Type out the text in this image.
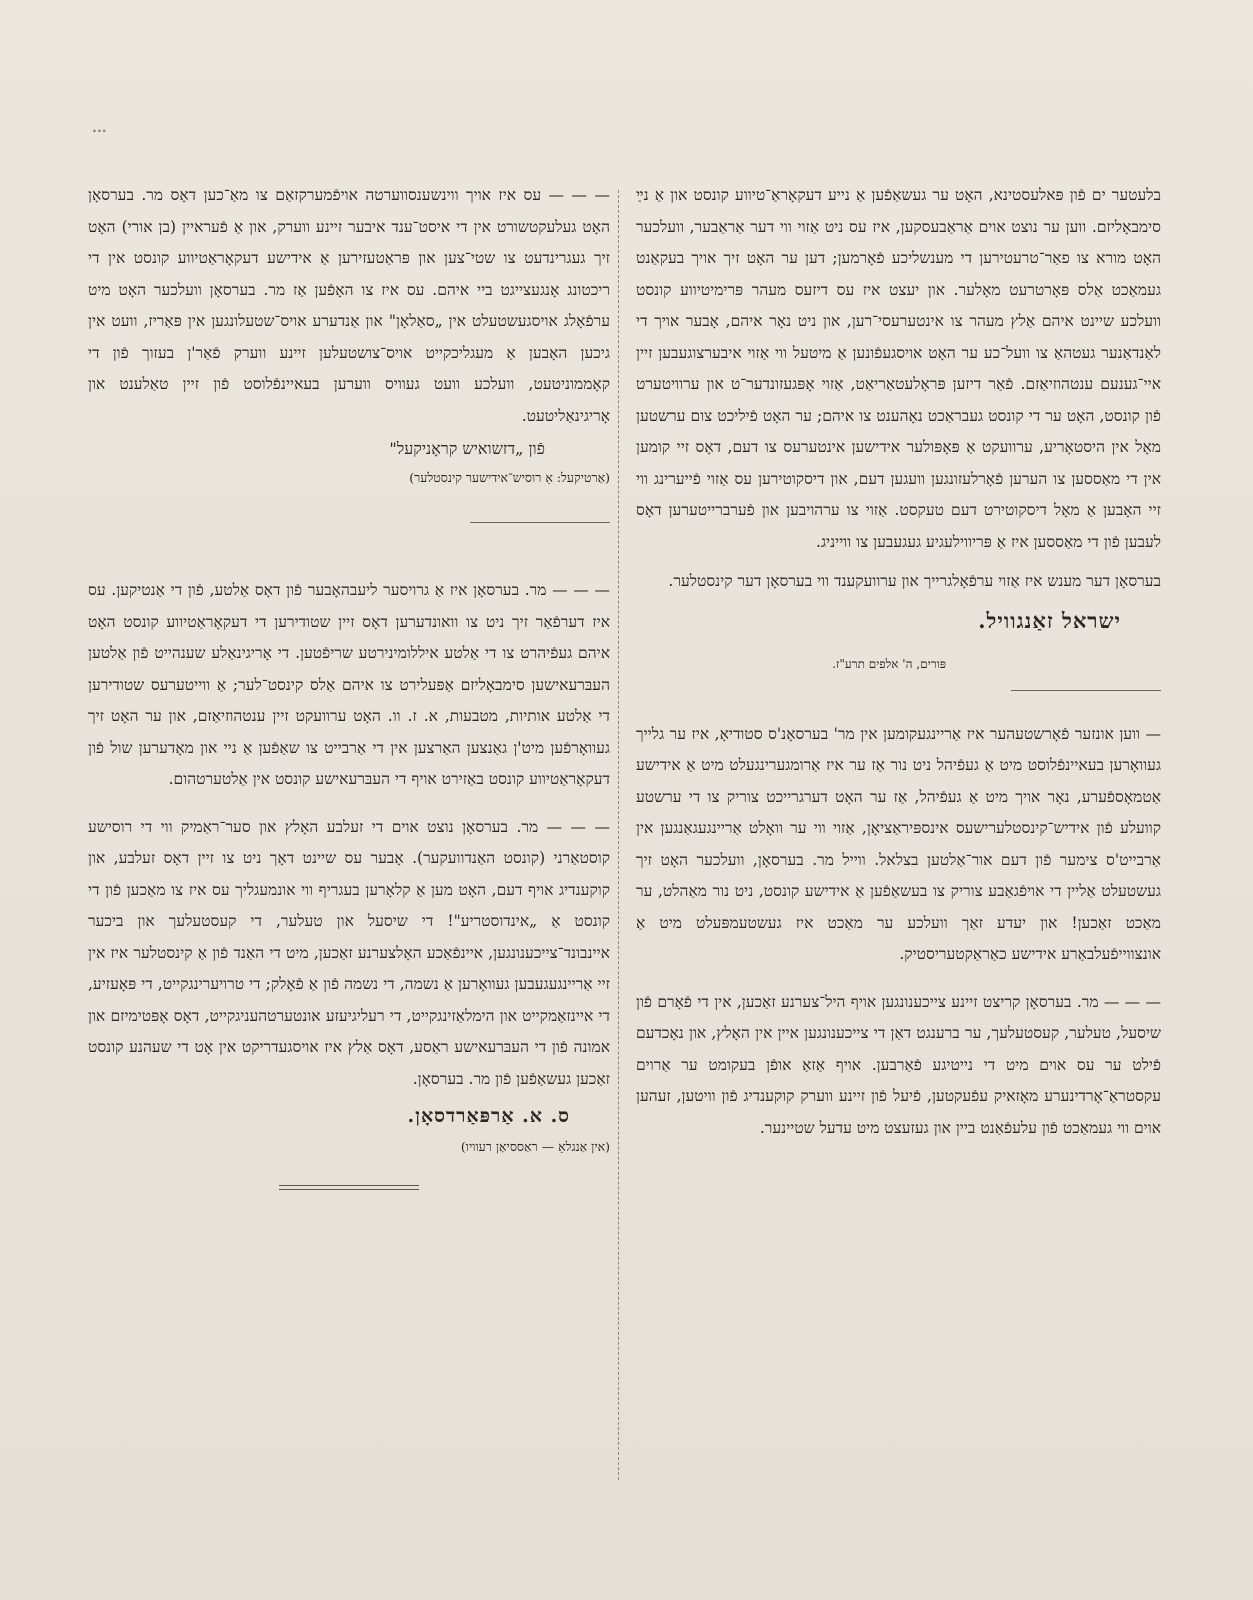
∙∙∙

בלעטער ים פֿון פּאלעסטינא, האָט ער געשאַפֿען אַ נייע דעקאָראַ־טיווע קונסט און אַ נײַ סימבאָליזם. ווען ער נוצט אוים אַראַבעסקען, איז עס ניט אַזוי ווי דער אַראַבער, וועלכער האָט מורא צו פאַר־טרעטירען די מענשליכע פֿאָרמען; דען ער האָט זיך אויך בעקאַנט געמאַכט אַלס פּאָרטרעט מאָלער. און יעצט איז עס דיזעס מעהר פּרימיטיווע קונסט וועלכע שיינט איהם אַלץ מעהר צו אינטערעסי־רען, און ניט נאָר איהם, אָבער אויך די לאַנדאַנער געטהאַ צו וועל־כע ער האָט אויסגעפֿונען אַ מיטעל ווי אַזוי איבערצוגעבען זיין איי־גענעם ענטהוזיאַזם. פֿאַר דיזען פּראָלעטאַריאַט, אַזוי אָפּגעזונדער־ט און ערוויטערט פֿון קונסט, האָט ער די קונסט געבראַכט נאָהענט צו איהם; ער האָט פֿיליכט צום ערשטען מאָל אין היסטאָריע, ערוועקט אַ פּאָפּולער אידישען אינטערעס צו דעם, דאָס זיי קומען אין די מאַססען צו הערען פֿאָרלעזונגען וועגען דעם, און דיסקוטירען עס אַזוי פֿייערינג ווי זיי האָבען אַ מאָל דיסקוטירט דעם טעקסט. אַזוי צו ערהויבען און פֿערברייטערען דאָס לעבען פֿון די מאַססען איז אַ פּריווילעגיע געגעבען צו ווייניג.

בערסאָן דער מענש איז אַזוי ערפֿאָלגרייך און ערוועקענד ווי בערסאָן דער קינסטלער.

ישראל זאַנגוויל.

פּורים, ה' אלפים תרע"ז.

— ווען אונזער פֿאָרשטעהער איז אַריינגעקומען אין מר' בערסאָנ'ס סטודיאָ, איז ער גלייך געוואָרען בעאיינפֿלוסט מיט אַ געפֿיהל ניט נור אַז ער איז אַרומגערינגעלט מיט אַ אידישע אַטמאָספֿערע, נאָר אויך מיט אַ געפֿיהל, אַז ער האָט דערגרייכט צוריק צו די ערשטע קוועלע פֿון אידיש־קינסטלערישעס אינספּיראַציאָן, אַזוי ווי ער וואָלט אַריינגעגאַנגען אין אַרבייט'ס צימער פֿון דעם אור־אַלטען בצלאל. ווייל מר. בערסאָן, וועלכער האָט זיך געשטעלט אַליין די אויפֿגאַבע צוריק צו בעשאַפֿען אַ אידישע קונסט, ניט נור מאַהלט, ער מאַכט זאַכען! און יעדע זאַך וועלכע ער מאַכט איז געשטעמפּעלט מיט אַ אונצווייפֿעלבאַרע אידישע כאַראַקטעריסטיק.

— — — מר. בערסאָן קריצט זיינע צייכענונגען אויף היל־צערנע זאַכען, אין די פֿאָרם פֿון שיסעל, טעלער, קעסטעלעך, ער ברענגט דאַן די צייכענונגען איין אין האָלץ, און נאָכדעם פֿילט ער עס אוים מיט די נייטיגע פֿאַרבען. אויף אַזאַ אופֿן בעקומט ער אַרוים עקסטראַ־אָרדינערע מאָזאיק עפֿעקטען, פֿיעל פֿון זיינע ווערק קוקענדיג פֿון וויטען, זעהען אוים ווי געמאַכט פֿון עלעפֿאַנט ביין און געזעצט מיט עדעל שטיינער.

— — — עס איז אויך ווינשענסווערטה אויפֿמערקזאַם צו מאַ־כען דאָס מר. בערסאָן האָט געלעקטשורט אין די איסט־ענד איבער זיינע ווערק, און אַ פֿעראיין (בן אורי) האָט זיך געגרינדעט צו שטי־צען און פּראַטעזירען אַ אידישע דעקאָראַטיווע קונסט אין די ריכטונג אָנגעצייגט ביי איהם. עס איז צו האָפֿען אַז מר. בערסאָן וועלכער האָט מיט ערפֿאָלג אויסגעשטעלט אין „סאַלאָן" און אַנדערע אויס־שטעלונגען אין פּאַריז, וועט אין גיכען האָבען אַ מעגליכקייט אויס־צושטעלען זיינע ווערק פֿאַר'ן בעזוך פֿון די קאָממוניטעט, וועלכע וועט געוויס ווערען בעאיינפֿלוסט פֿון זיין טאַלענט און אָריגינאַליטעט.

פֿון „דזשואיש קראָניקעל"

(אַרטיקעל: אַ רוסיש־אידישער קינסטלער)

— — — מר. בערסאָן איז אַ גרויסער ליעבהאָבער פֿון דאָס אַלטע, פֿון די אַנטיקען. עס איז דערפֿאַר זיך ניט צו וואונדערען דאָס זיין שטודירען די דעקאָראַטיווע קונסט האָט איהם געפֿיהרט צו די אַלטע איללומינירטע שריפֿטען. די אָריגינאַלע שענהייט פֿון אַלטען העבּרעאישען סימבאָליזם אַפּעלירט צו איהם אַלס קינסט־לער; אַ ווייטערעס שטודירען די אַלטע אותיות, מטבעות, א. ז. וו. האָט ערוועקט זיין ענטהוזיאַזם, און ער האָט זיך געוואָרפֿען מיט'ן גאַנצען האַרצען אין די אַרבייט צו שאַפֿען אַ ניי און מאָדערען שול פֿון דעקאָראַטיווע קונסט באַזירט אויף די העבּרעאישע קונסט אין אַלטערטהום.

— — — מר. בערסאָן נוצט אוים די זעלבע האָלץ און סער־ראַמיק ווי די רוסישע קוסטאַרני (קונסט האַנדוועקער). אָבער עס שיינט דאָך ניט צו זיין דאָס זעלבע, און קוקענדיג אויף דעם, האָט מען אַ קלאָרען בעגריף ווי אונמעגליך עס איז צו מאַכען פֿון די קונסט אַ „אינדוסטריע"! די שיסעל און טעלער, די קעסטעלעך און ביכער איינבונד־צייכענונגען, איינפֿאַכע האָלצערנע זאַכען, מיט די האַנד פֿון אַ קינסטלער איז אין זיי אַריינגעגעבען געוואָרען אַ נשמה, די נשמה פֿון אַ פֿאָלק; די טרויערינגקייט, די פּאָעזיע, די איינזאַמקייט און הימלאַזינגקייט, די רעליגיעזע אונטערטהעניגקייט, דאָס אָפּטימיזם און אמונה פֿון די העבּרעאישע ראַסע, דאָס אַלץ איז אויסגעדריקט אין אָט די שעהנע קונסט זאַכען געשאַפֿען פֿון מר. בערסאָן.

ס. א. אַרפּאַרדסאָן.

(אין אַנגלאַ — ראַססיאַן רעוויו)
